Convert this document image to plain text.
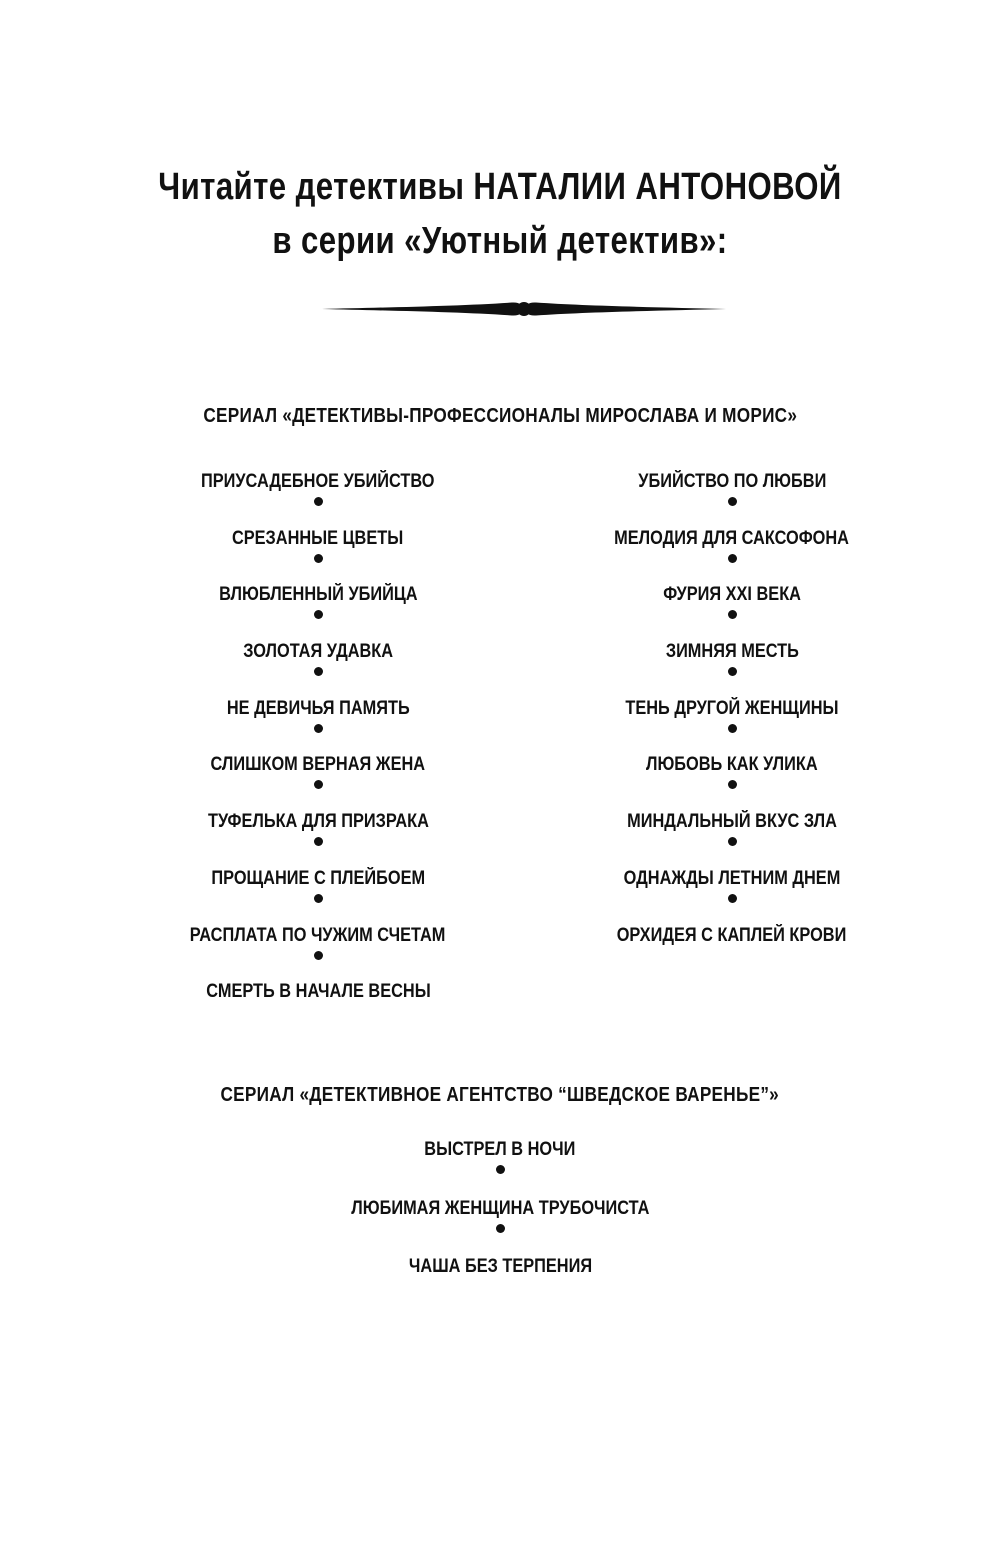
Читайте детективы НАТАЛИИ АНТОНОВОЙ
в серии «Уютный детектив»:
СЕРИАЛ «ДЕТЕКТИВЫ-ПРОФЕССИОНАЛЫ МИРОСЛАВА И МОРИС»
ПРИУСАДЕБНОЕ УБИЙСТВО
СРЕЗАННЫЕ ЦВЕТЫ
ВЛЮБЛЕННЫЙ УБИЙЦА
ЗОЛОТАЯ УДАВКА
НЕ ДЕВИЧЬЯ ПАМЯТЬ
СЛИШКОМ ВЕРНАЯ ЖЕНА
ТУФЕЛЬКА ДЛЯ ПРИЗРАКА
ПРОЩАНИЕ С ПЛЕЙБОЕМ
РАСПЛАТА ПО ЧУЖИМ СЧЕТАМ
СМЕРТЬ В НАЧАЛЕ ВЕСНЫ
УБИЙСТВО ПО ЛЮБВИ
МЕЛОДИЯ ДЛЯ САКСОФОНА
ФУРИЯ XXI ВЕКА
ЗИМНЯЯ МЕСТЬ
ТЕНЬ ДРУГОЙ ЖЕНЩИНЫ
ЛЮБОВЬ КАК УЛИКА
МИНДАЛЬНЫЙ ВКУС ЗЛА
ОДНАЖДЫ ЛЕТНИМ ДНЕМ
ОРХИДЕЯ С КАПЛЕЙ КРОВИ
СЕРИАЛ «ДЕТЕКТИВНОЕ АГЕНТСТВО “ШВЕДСКОЕ ВАРЕНЬЕ”»
ВЫСТРЕЛ В НОЧИ
ЛЮБИМАЯ ЖЕНЩИНА ТРУБОЧИСТА
ЧАША БЕЗ ТЕРПЕНИЯ
